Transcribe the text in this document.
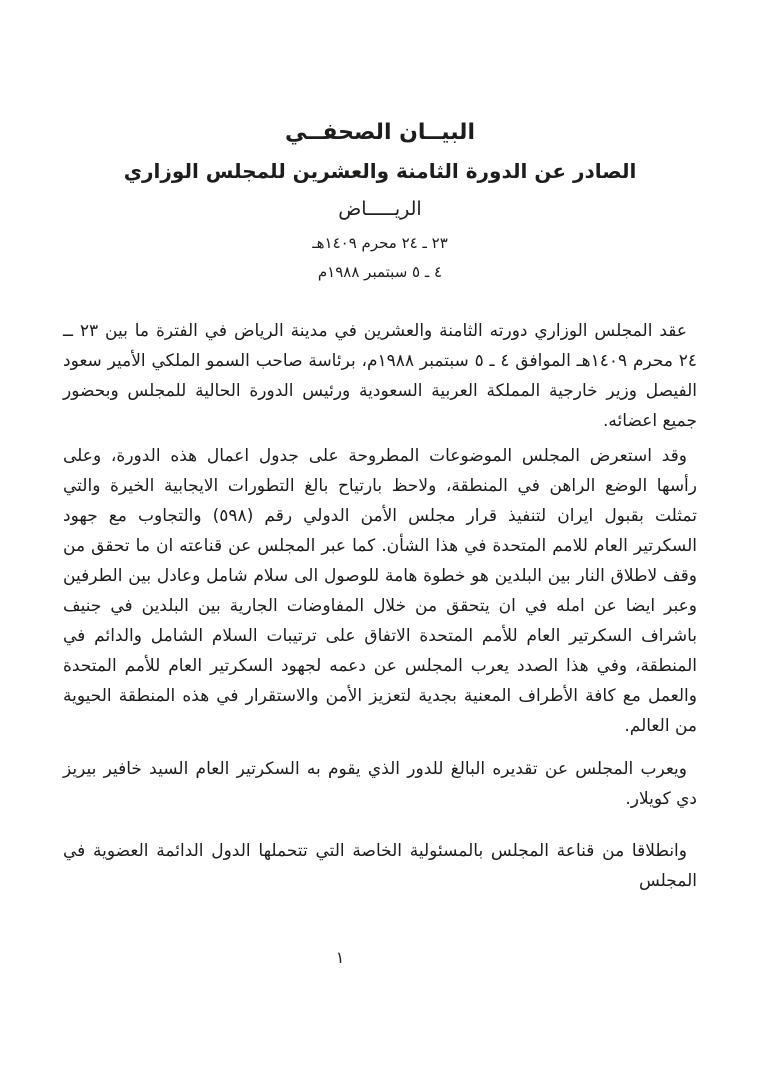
البيــان الصحفــي
الصادر عن الدورة الثامنة والعشرين للمجلس الوزاري
الريـــــاض
٢٣ ـ ٢٤ محرم ١٤٠٩هـ
٤ ـ ٥ سبتمبر ١٩٨٨م

عقد المجلس الوزاري دورته الثامنة والعشرين في مدينة الرياض في الفترة ما بين ٢٣ ــ ٢٤ محرم ١٤٠٩هـ الموافق ٤ ـ ٥ سبتمبر ١٩٨٨م، برئاسة صاحب السمو الملكي الأمير سعود الفيصل وزير خارجية المملكة العربية السعودية ورئيس الدورة الحالية للمجلس وبحضور جميع اعضائه.

وقد استعرض المجلس الموضوعات المطروحة على جدول اعمال هذه الدورة، وعلى رأسها الوضع الراهن في المنطقة، ولاحظ بارتياح بالغ التطورات الايجابية الخيرة والتي تمثلت بقبول ايران لتنفيذ قرار مجلس الأمن الدولي رقم (٥٩٨) والتجاوب مع جهود السكرتير العام للامم المتحدة في هذا الشأن. كما عبر المجلس عن قناعته ان ما تحقق من وقف لاطلاق النار بين البلدين هو خطوة هامة للوصول الى سلام شامل وعادل بين الطرفين وعبر ايضا عن امله في ان يتحقق من خلال المفاوضات الجارية بين البلدين في جنيف باشراف السكرتير العام للأمم المتحدة الاتفاق على ترتيبات السلام الشامل والدائم في المنطقة، وفي هذا الصدد يعرب المجلس عن دعمه لجهود السكرتير العام للأمم المتحدة والعمل مع كافة الأطراف المعنية بجدية لتعزيز الأمن والاستقرار في هذه المنطقة الحيوية من العالم.

ويعرب المجلس عن تقديره البالغ للدور الذي يقوم به السكرتير العام السيد خافير بيريز دي كويلار.

وانطلاقا من قناعة المجلس بالمسئولية الخاصة التي تتحملها الدول الدائمة العضوية في المجلس

١
